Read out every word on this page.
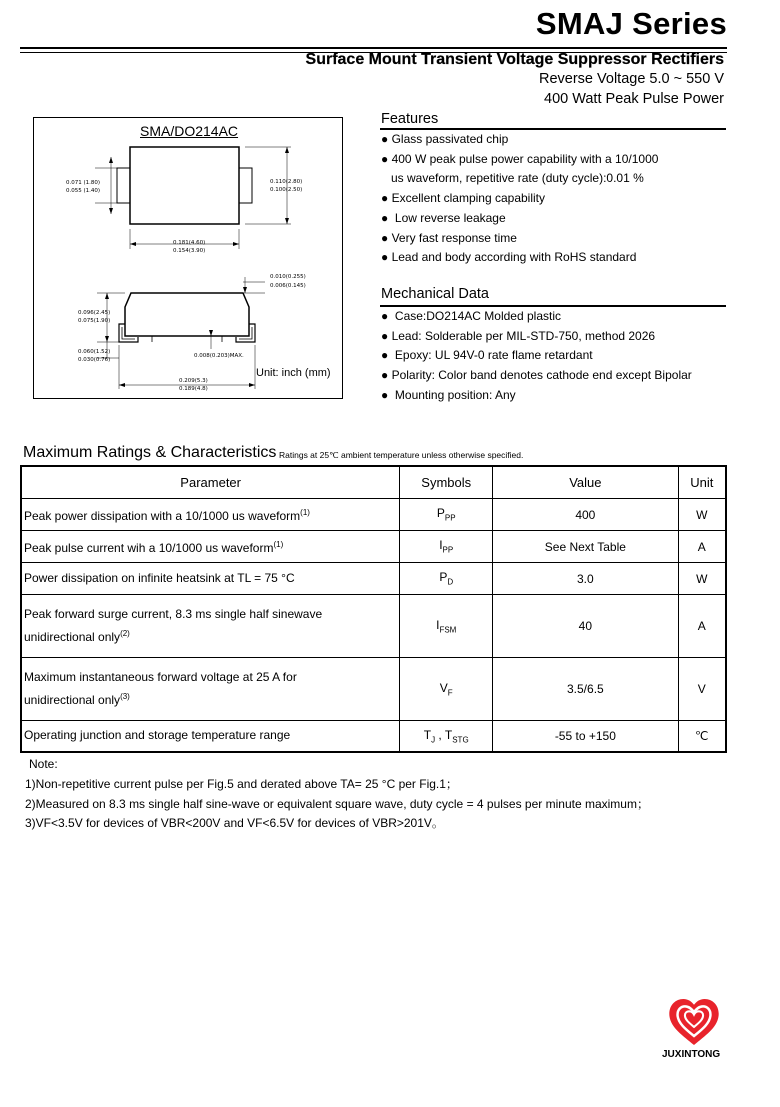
SMAJ Series
Surface Mount Transient Voltage Suppressor Rectifiers
Reverse Voltage 5.0 ~ 550 V
400 Watt Peak Pulse Power
SMA/DO214AC
0.071 (1.80)
0.055 (1.40)
0.110(2.80)
0.100(2.50)
0.181(4.60)
0.154(3.90)
0.010(0.255)
0.006(0.145)
0.096(2.45)
0.075(1.90)
0.060(1.52)
0.030(0.76)
0.008(0.203)MAX.
0.209(5.3)
0.189(4.8)
Unit: inch (mm)
Features
● Glass passivated chip
● 400 W peak pulse power capability with a 10/1000
us waveform, repetitive rate (duty cycle):0.01 %
● Excellent clamping capability
●  Low reverse leakage
● Very fast response time
● Lead and body according with RoHS standard
Mechanical Data
●  Case:DO214AC Molded plastic
● Lead: Solderable per MIL-STD-750, method 2026
●  Epoxy: UL 94V-0 rate flame retardant
● Polarity: Color band denotes cathode end except Bipolar
●  Mounting position: Any
Maximum Ratings & Characteristics Ratings at 25℃ ambient temperature unless otherwise specified.
Parameter	Symbols	Value	Unit
Peak power dissipation with a 10/1000 us waveform$^{(1)}$	$P_{PP}$	400	W
Peak pulse current wih a 10/1000 us waveform$^{(1)}$	$I_{PP}$	See Next Table	A
Power dissipation on infinite heatsink at TL = 75 °C	$P_D$	3.0	W
Peak forward surge current, 8.3 ms single half sinewave
unidirectional only$^{(2)}$	$I_{FSM}$	40	A
Maximum instantaneous forward voltage at 25 A for
unidirectional only$^{(3)}$	$V_F$	3.5/6.5	V
Operating junction and storage temperature range	$T_J$ , $T_{STG}$	-55 to +150	℃
Note:
1)Non-repetitive current pulse per Fig.5 and derated above TA= 25 °C per Fig.1；
2)Measured on 8.3 ms single half sine-wave or equivalent square wave, duty cycle = 4 pulses per minute maximum；
3)VF<3.5V for devices of VBR<200V and VF<6.5V for devices of VBR>201V。
JUXINTONG
